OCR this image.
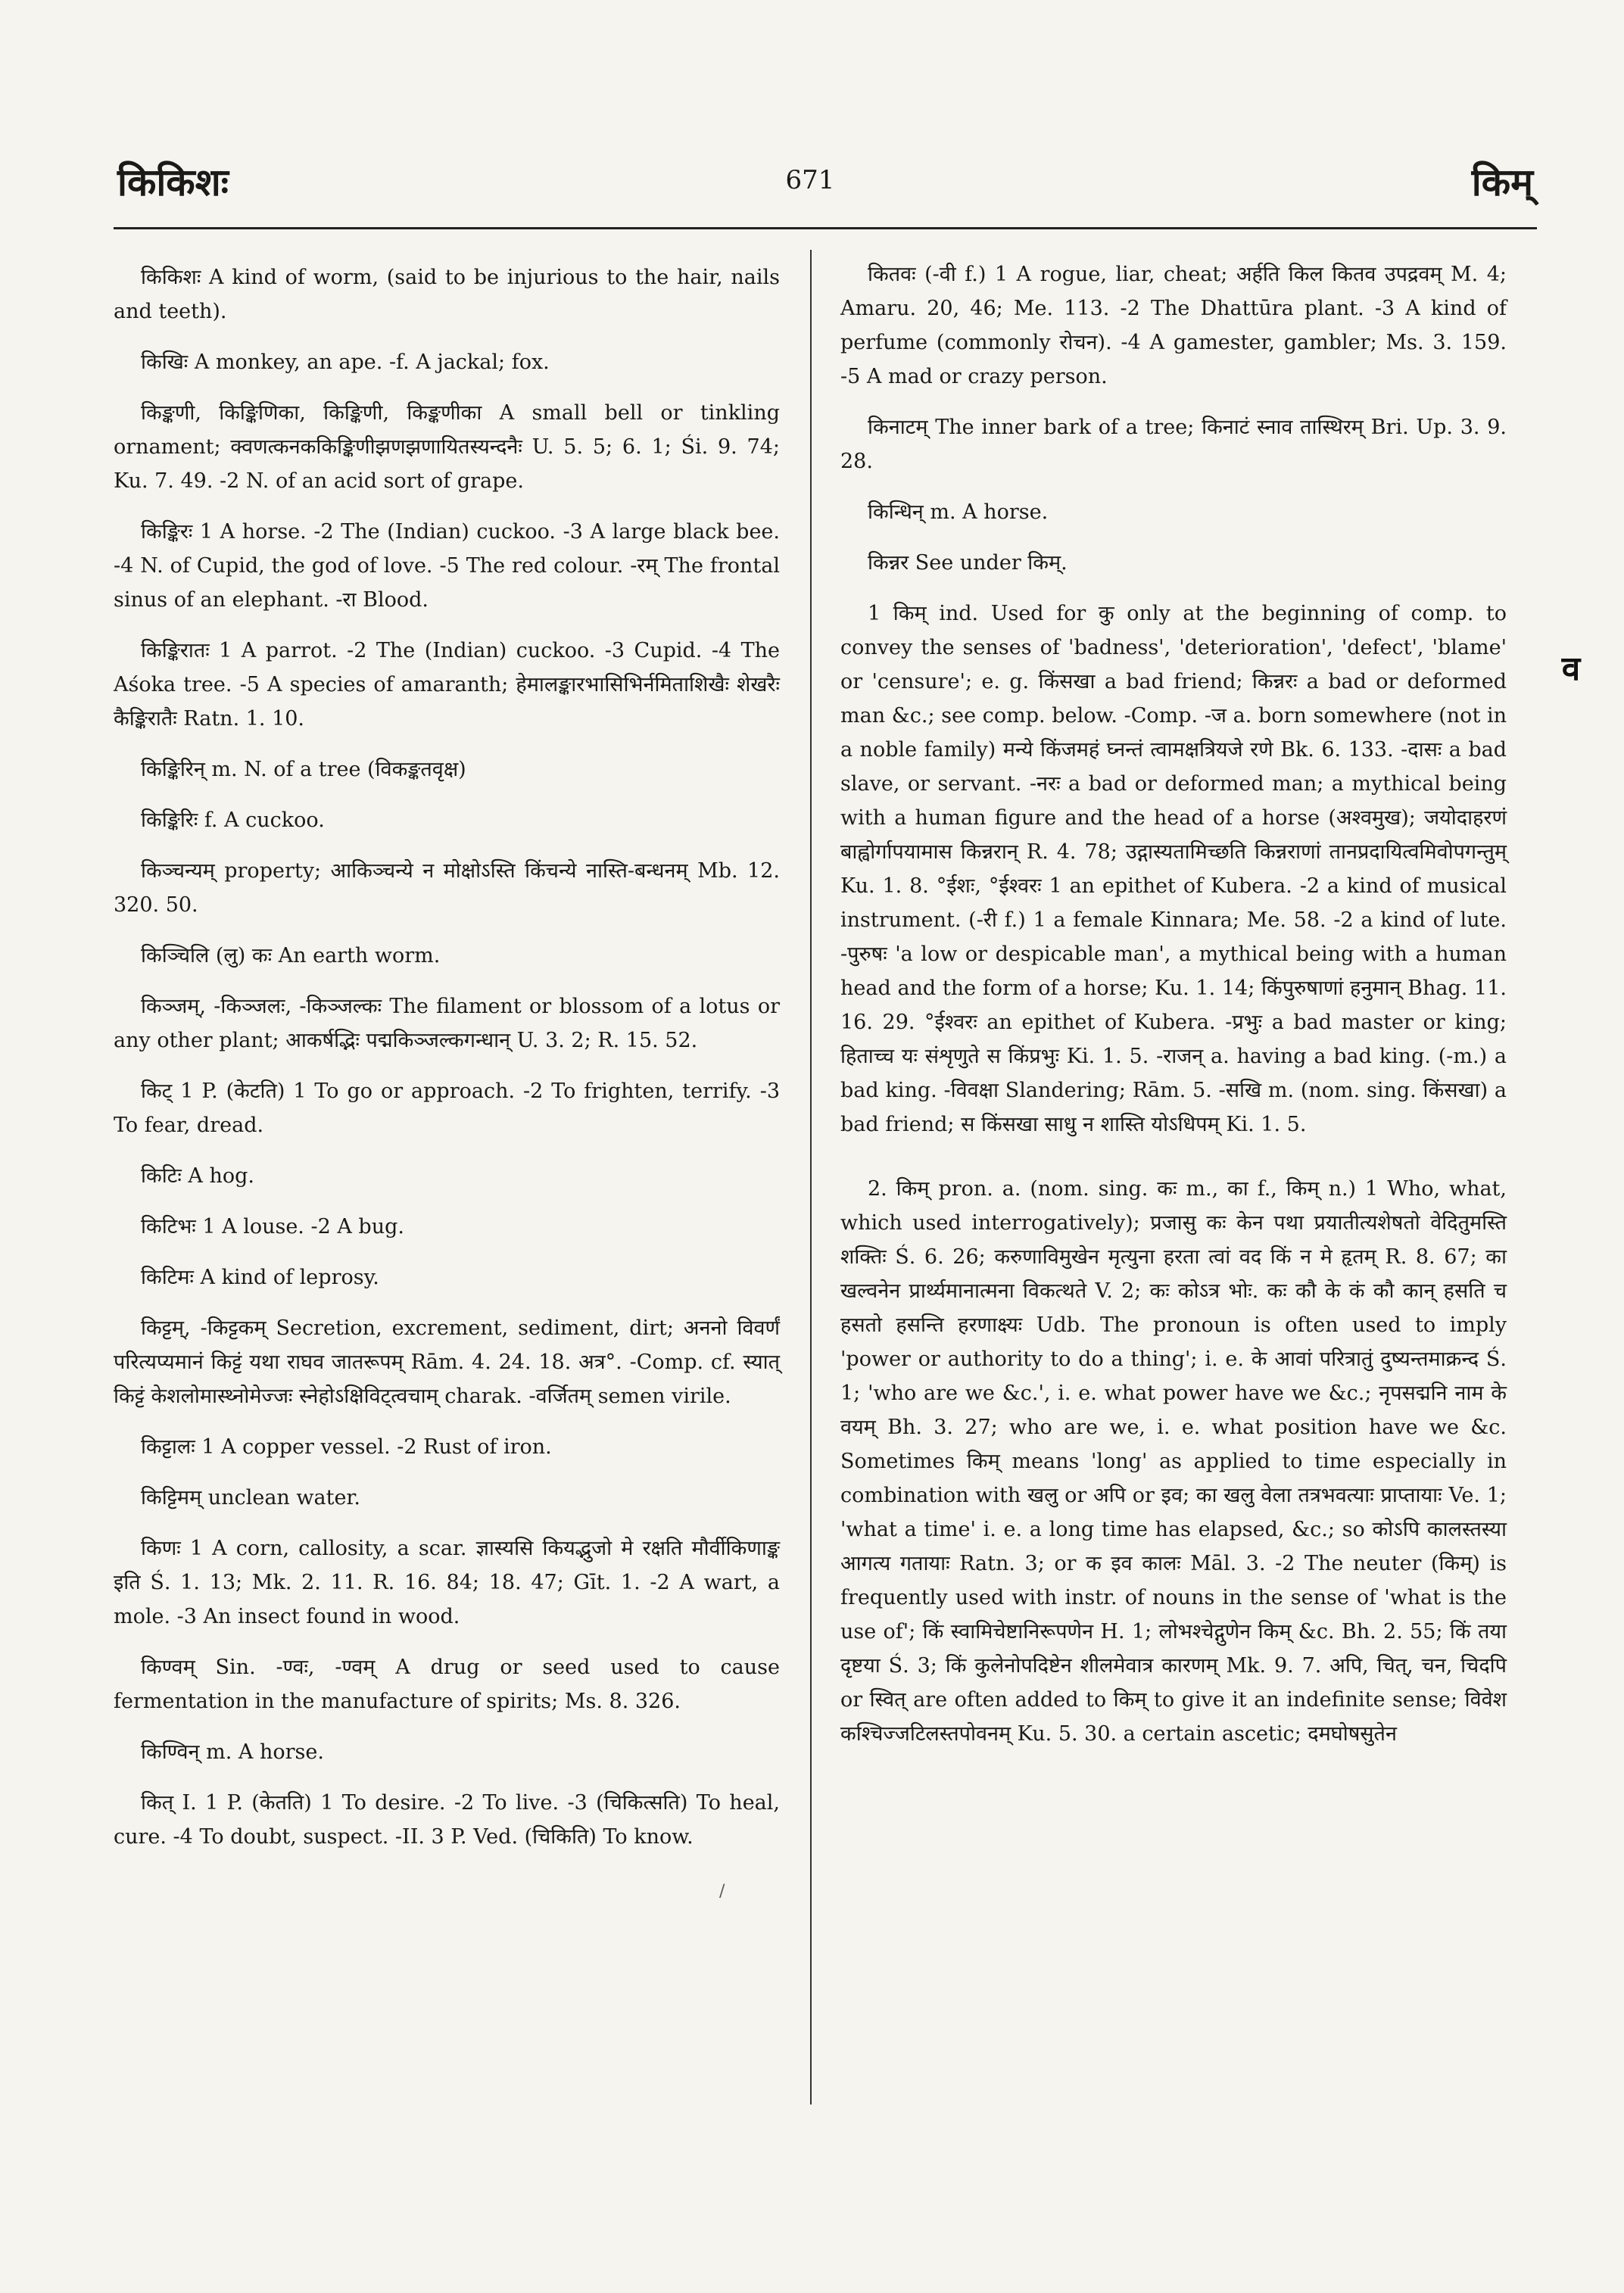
किकिशः	671	किम्
व
/

किकिशः A kind of worm, (said to be injurious to the hair, nails and teeth).

किखिः A monkey, an ape. -f. A jackal; fox.

किङ्कणी, किङ्किणिका, किङ्किणी, किङ्कणीका A small bell or tinkling ornament; क्वणत्कनककिङ्किणीझणझणायितस्यन्दनैः U. 5. 5; 6. 1; Śi. 9. 74; Ku. 7. 49. -2 N. of an acid sort of grape.

किङ्किरः 1 A horse. -2 The (Indian) cuckoo. -3 A large black bee. -4 N. of Cupid, the god of love. -5 The red colour. -रम् The frontal sinus of an elephant. -रा Blood.

किङ्किरातः 1 A parrot. -2 The (Indian) cuckoo. -3 Cupid. -4 The Aśoka tree. -5 A species of amaranth; हेमालङ्कारभासिभिर्नमिताशिखैः शेखरैः कैङ्किरातैः Ratn. 1. 10.

किङ्किरिन् m. N. of a tree (विकङ्कतवृक्ष)

किङ्किरिः f. A cuckoo.

किञ्चन्यम् property; आकिञ्चन्ये न मोक्षोऽस्ति किंचन्ये नास्ति-बन्धनम् Mb. 12. 320. 50.

किञ्चिलि (लु) कः An earth worm.

किञ्जम्, -किञ्जलः, -किञ्जल्कः The filament or blossom of a lotus or any other plant; आकर्षद्भिः पद्मकिञ्जल्कगन्धान् U. 3. 2; R. 15. 52.

किट् 1 P. (केटति) 1 To go or approach. -2 To frighten, terrify. -3 To fear, dread.

किटिः A hog.

किटिभः 1 A louse. -2 A bug.

किटिमः A kind of leprosy.

किट्टम्, -किट्टकम् Secretion, excrement, sediment, dirt; अननो विवर्णं परित्यप्यमानं किट्टं यथा राघव जातरूपम् Rām. 4. 24. 18. अत्र°. -Comp. cf. स्यात् किट्टं केशलोमास्थ्नोमेज्जः स्नेहोऽक्षिविट्त्वचाम् charak. -वर्जितम् semen virile.

किट्टालः 1 A copper vessel. -2 Rust of iron.

किट्टिमम् unclean water.

किणः 1 A corn, callosity, a scar. ज्ञास्यसि कियद्भुजो मे रक्षति मौर्वीकिणाङ्क इति Ś. 1. 13; Mk. 2. 11. R. 16. 84; 18. 47; Gīt. 1. -2 A wart, a mole. -3 An insect found in wood.

किण्वम् Sin. -ण्वः, -ण्वम् A drug or seed used to cause fermentation in the manufacture of spirits; Ms. 8. 326.

किण्विन् m. A horse.

कित् I. 1 P. (केतति) 1 To desire. -2 To live. -3 (चिकित्सति) To heal, cure. -4 To doubt, suspect. -II. 3 P. Ved. (चिकिति) To know.

कितवः (-वी f.) 1 A rogue, liar, cheat; अर्हति किल कितव उपद्रवम् M. 4; Amaru. 20, 46; Me. 113. -2 The Dhattūra plant. -3 A kind of perfume (commonly रोचन). -4 A gamester, gambler; Ms. 3. 159. -5 A mad or crazy person.

किनाटम् The inner bark of a tree; किनाटं स्नाव तास्थिरम् Bri. Up. 3. 9. 28.

किन्धिन् m. A horse.

किन्नर See under किम्.

1 किम् ind. Used for कु only at the beginning of comp. to convey the senses of 'badness', 'deterioration', 'defect', 'blame' or 'censure'; e. g. किंसखा a bad friend; किन्नरः a bad or deformed man &c.; see comp. below. -Comp. -ज a. born somewhere (not in a noble family) मन्ये किंजमहं घ्नन्तं त्वामक्षत्रियजे रणे Bk. 6. 133. -दासः a bad slave, or servant. -नरः a bad or deformed man; a mythical being with a human figure and the head of a horse (अश्वमुख); जयोदाहरणं बाह्वोर्गापयामास किन्नरान् R. 4. 78; उद्गास्यतामिच्छति किन्नराणां तानप्रदायित्वमिवोपगन्तुम् Ku. 1. 8. °ईशः, °ईश्वरः 1 an epithet of Kubera. -2 a kind of musical instrument. (-री f.) 1 a female Kinnara; Me. 58. -2 a kind of lute. -पुरुषः 'a low or despicable man', a mythical being with a human head and the form of a horse; Ku. 1. 14; किंपुरुषाणां हनुमान् Bhag. 11. 16. 29. °ईश्वरः an epithet of Kubera. -प्रभुः a bad master or king; हिताच्च यः संशृणुते स किंप्रभुः Ki. 1. 5. -राजन् a. having a bad king. (-m.) a bad king. -विवक्षा Slandering; Rām. 5. -सखि m. (nom. sing. किंसखा) a bad friend; स किंसखा साधु न शास्ति योऽधिपम् Ki. 1. 5.

2. किम् pron. a. (nom. sing. कः m., का f., किम् n.) 1 Who, what, which used interrogatively); प्रजासु कः केन पथा प्रयातीत्यशेषतो वेदितुमस्ति शक्तिः Ś. 6. 26; करुणाविमुखेन मृत्युना हरता त्वां वद किं न मे हृतम् R. 8. 67; का खल्वनेन प्रार्थ्यमानात्मना विकत्थते V. 2; कः कोऽत्र भोः. कः कौ के कं कौ कान् हसति च हसतो हसन्ति हरणाक्ष्यः Udb. The pronoun is often used to imply 'power or authority to do a thing'; i. e. के आवां परित्रातुं दुष्यन्तमाक्रन्द Ś. 1; 'who are we &c.', i. e. what power have we &c.; नृपसद्मनि नाम के वयम् Bh. 3. 27; who are we, i. e. what position have we &c. Sometimes किम् means 'long' as applied to time especially in combination with खलु or अपि or इव; का खलु वेला तत्रभवत्याः प्राप्तायाः Ve. 1; 'what a time' i. e. a long time has elapsed, &c.; so कोऽपि कालस्तस्या आगत्य गतायाः Ratn. 3; or क इव कालः Māl. 3. -2 The neuter (किम्) is frequently used with instr. of nouns in the sense of 'what is the use of'; किं स्वामिचेष्टानिरूपणेन H. 1; लोभश्चेद्गुणेन किम् &c. Bh. 2. 55; किं तया दृष्टया Ś. 3; किं कुलेनोपदिष्टेन शीलमेवात्र कारणम् Mk. 9. 7. अपि, चित्, चन, चिदपि or स्वित् are often added to किम् to give it an indefinite sense; विवेश कश्चिज्जटिलस्तपोवनम् Ku. 5. 30. a certain ascetic; दमघोषसुतेन
